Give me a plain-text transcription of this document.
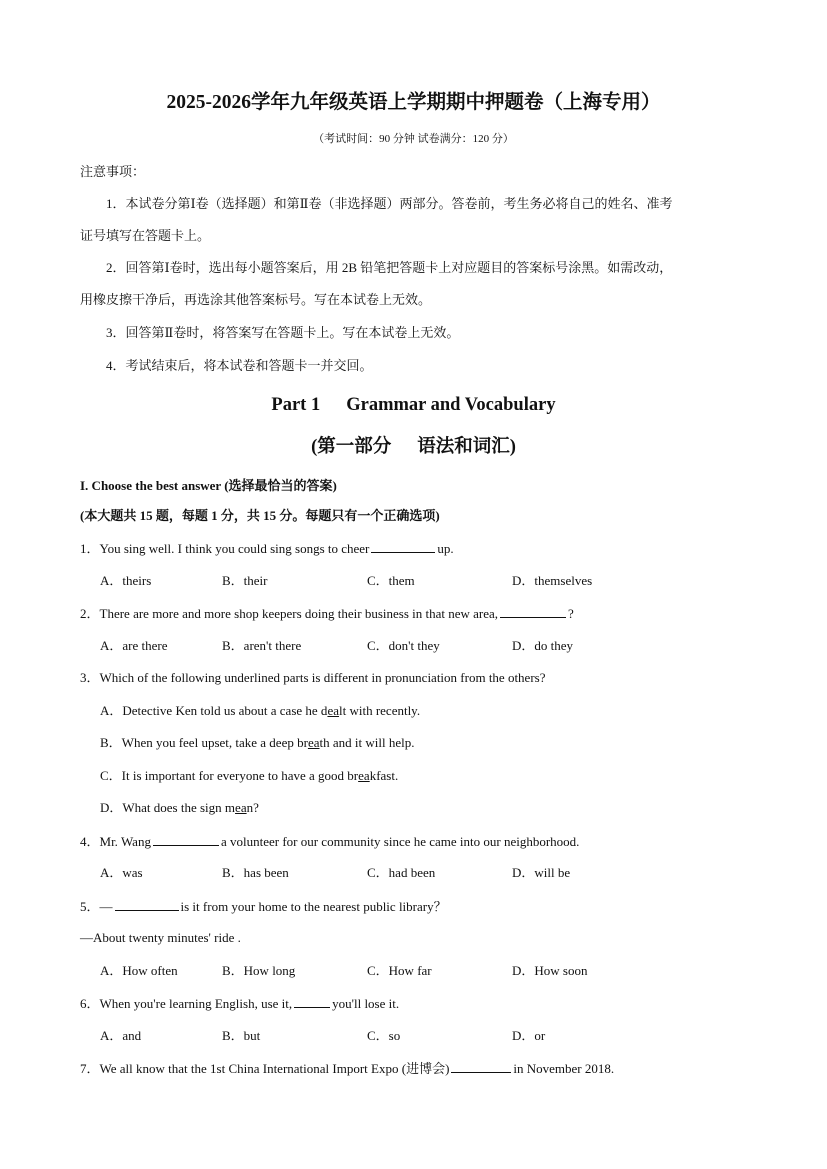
2025-2026学年九年级英语上学期期中押题卷（上海专用）
（考试时间：90 分钟 试卷满分：120 分）
注意事项：
1．本试卷分第Ⅰ卷（选择题）和第Ⅱ卷（非选择题）两部分。答卷前，考生务必将自己的姓名、准考
证号填写在答题卡上。
2．回答第Ⅰ卷时，选出每小题答案后，用 2B 铅笔把答题卡上对应题目的答案标号涂黑。如需改动，
用橡皮擦干净后，再选涂其他答案标号。写在本试卷上无效。
3．回答第Ⅱ卷时，将答案写在答题卡上。写在本试卷上无效。
4．考试结束后，将本试卷和答题卡一并交回。
Part 1 Grammar and Vocabulary
(第一部分 语法和词汇)
I. Choose the best answer (选择最恰当的答案)
(本大题共 15 题，每题 1 分，共 15 分。每题只有一个正确选项)
1．You sing well. I think you could sing songs to cheer	up.
A．theirs	B．their	C．them	D．themselves
2．There are more and more shop keepers doing their business in that new area,	?
A．are there	B．aren't there	C．don't they	D．do they
3．Which of the following underlined parts is different in pronunciation from the others?
A．Detective Ken told us about a case he dealt with recently.
B．When you feel upset, take a deep breath and it will help.
C．It is important for everyone to have a good breakfast.
D．What does the sign mean?
4．Mr. Wang	a volunteer for our community since he came into our neighborhood.
A．was	B．has been	C．had been	D．will be
5．—	is it from your home to the nearest public library？
—About twenty minutes' ride .
A．How often	B．How long	C．How far	D．How soon
6．When you're learning English, use it,	you'll lose it.
A．and	B．but	C．so	D．or
7．We all know that the 1st China International Import Expo (进博会)	in November 2018.
